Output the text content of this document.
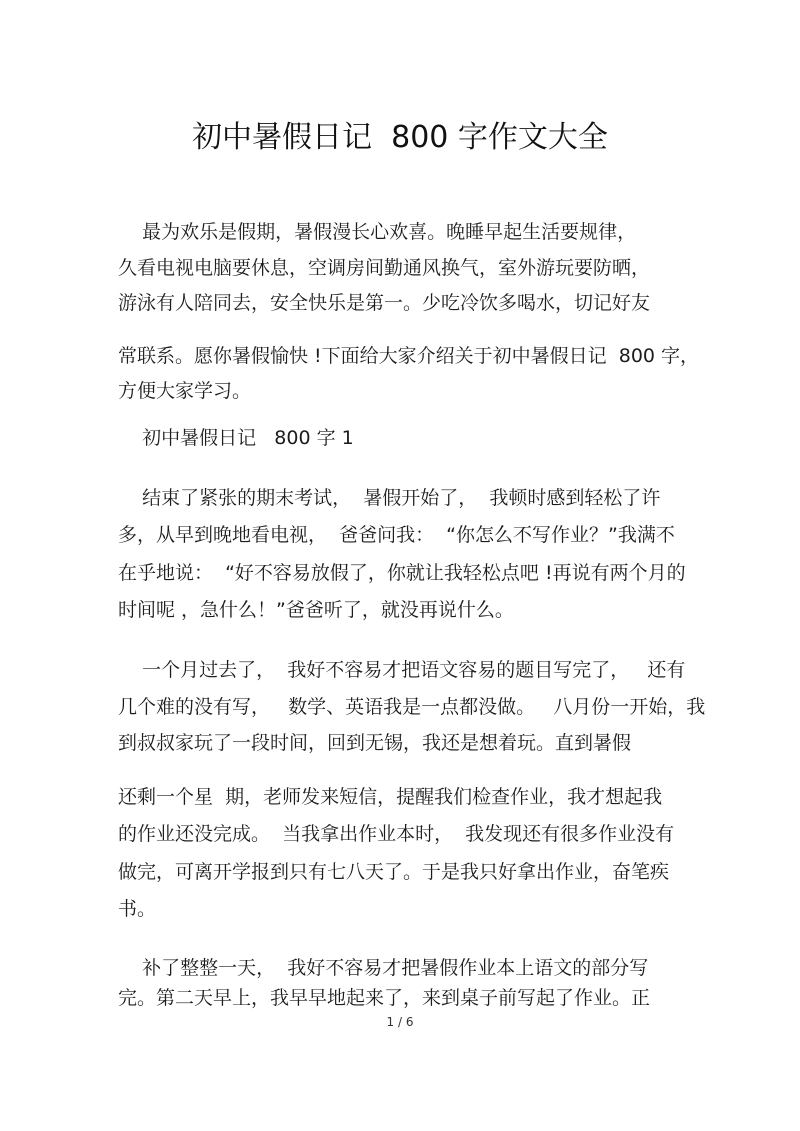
初中暑假日记  800 字作文大全
最为欢乐是假期，暑假漫长心欢喜。晚睡早起生活要规律，
久看电视电脑要休息，空调房间勤通风换气，室外游玩要防晒，
游泳有人陪同去，安全快乐是第一。少吃冷饮多喝水，切记好友
常联系。愿你暑假愉快 !下面给大家介绍关于初中暑假日记  800 字，
方便大家学习。
初中暑假日记   800 字 1
结束了紧张的期末考试，  暑假开始了，  我顿时感到轻松了许
多，从早到晚地看电视，  爸爸问我：  “你怎么不写作业？”我满不
在乎地说：  “好不容易放假了，你就让我轻松点吧 !再说有两个月的
时间呢 ，急什么！”爸爸听了，就没再说什么。
一个月过去了，  我好不容易才把语文容易的题目写完了，   还有
几个难的没有写，   数学、英语我是一点都没做。   八月份一开始，我
到叔叔家玩了一段时间，回到无锡，我还是想着玩。直到暑假
还剩一个星  期，老师发来短信，提醒我们检查作业，我才想起我
的作业还没完成。  当我拿出作业本时，  我发现还有很多作业没有
做完，可离开学报到只有七八天了。于是我只好拿出作业，奋笔疾
书。
补了整整一天，  我好不容易才把暑假作业本上语文的部分写
完。第二天早上，我早早地起来了，来到桌子前写起了作业。正
1 / 6
